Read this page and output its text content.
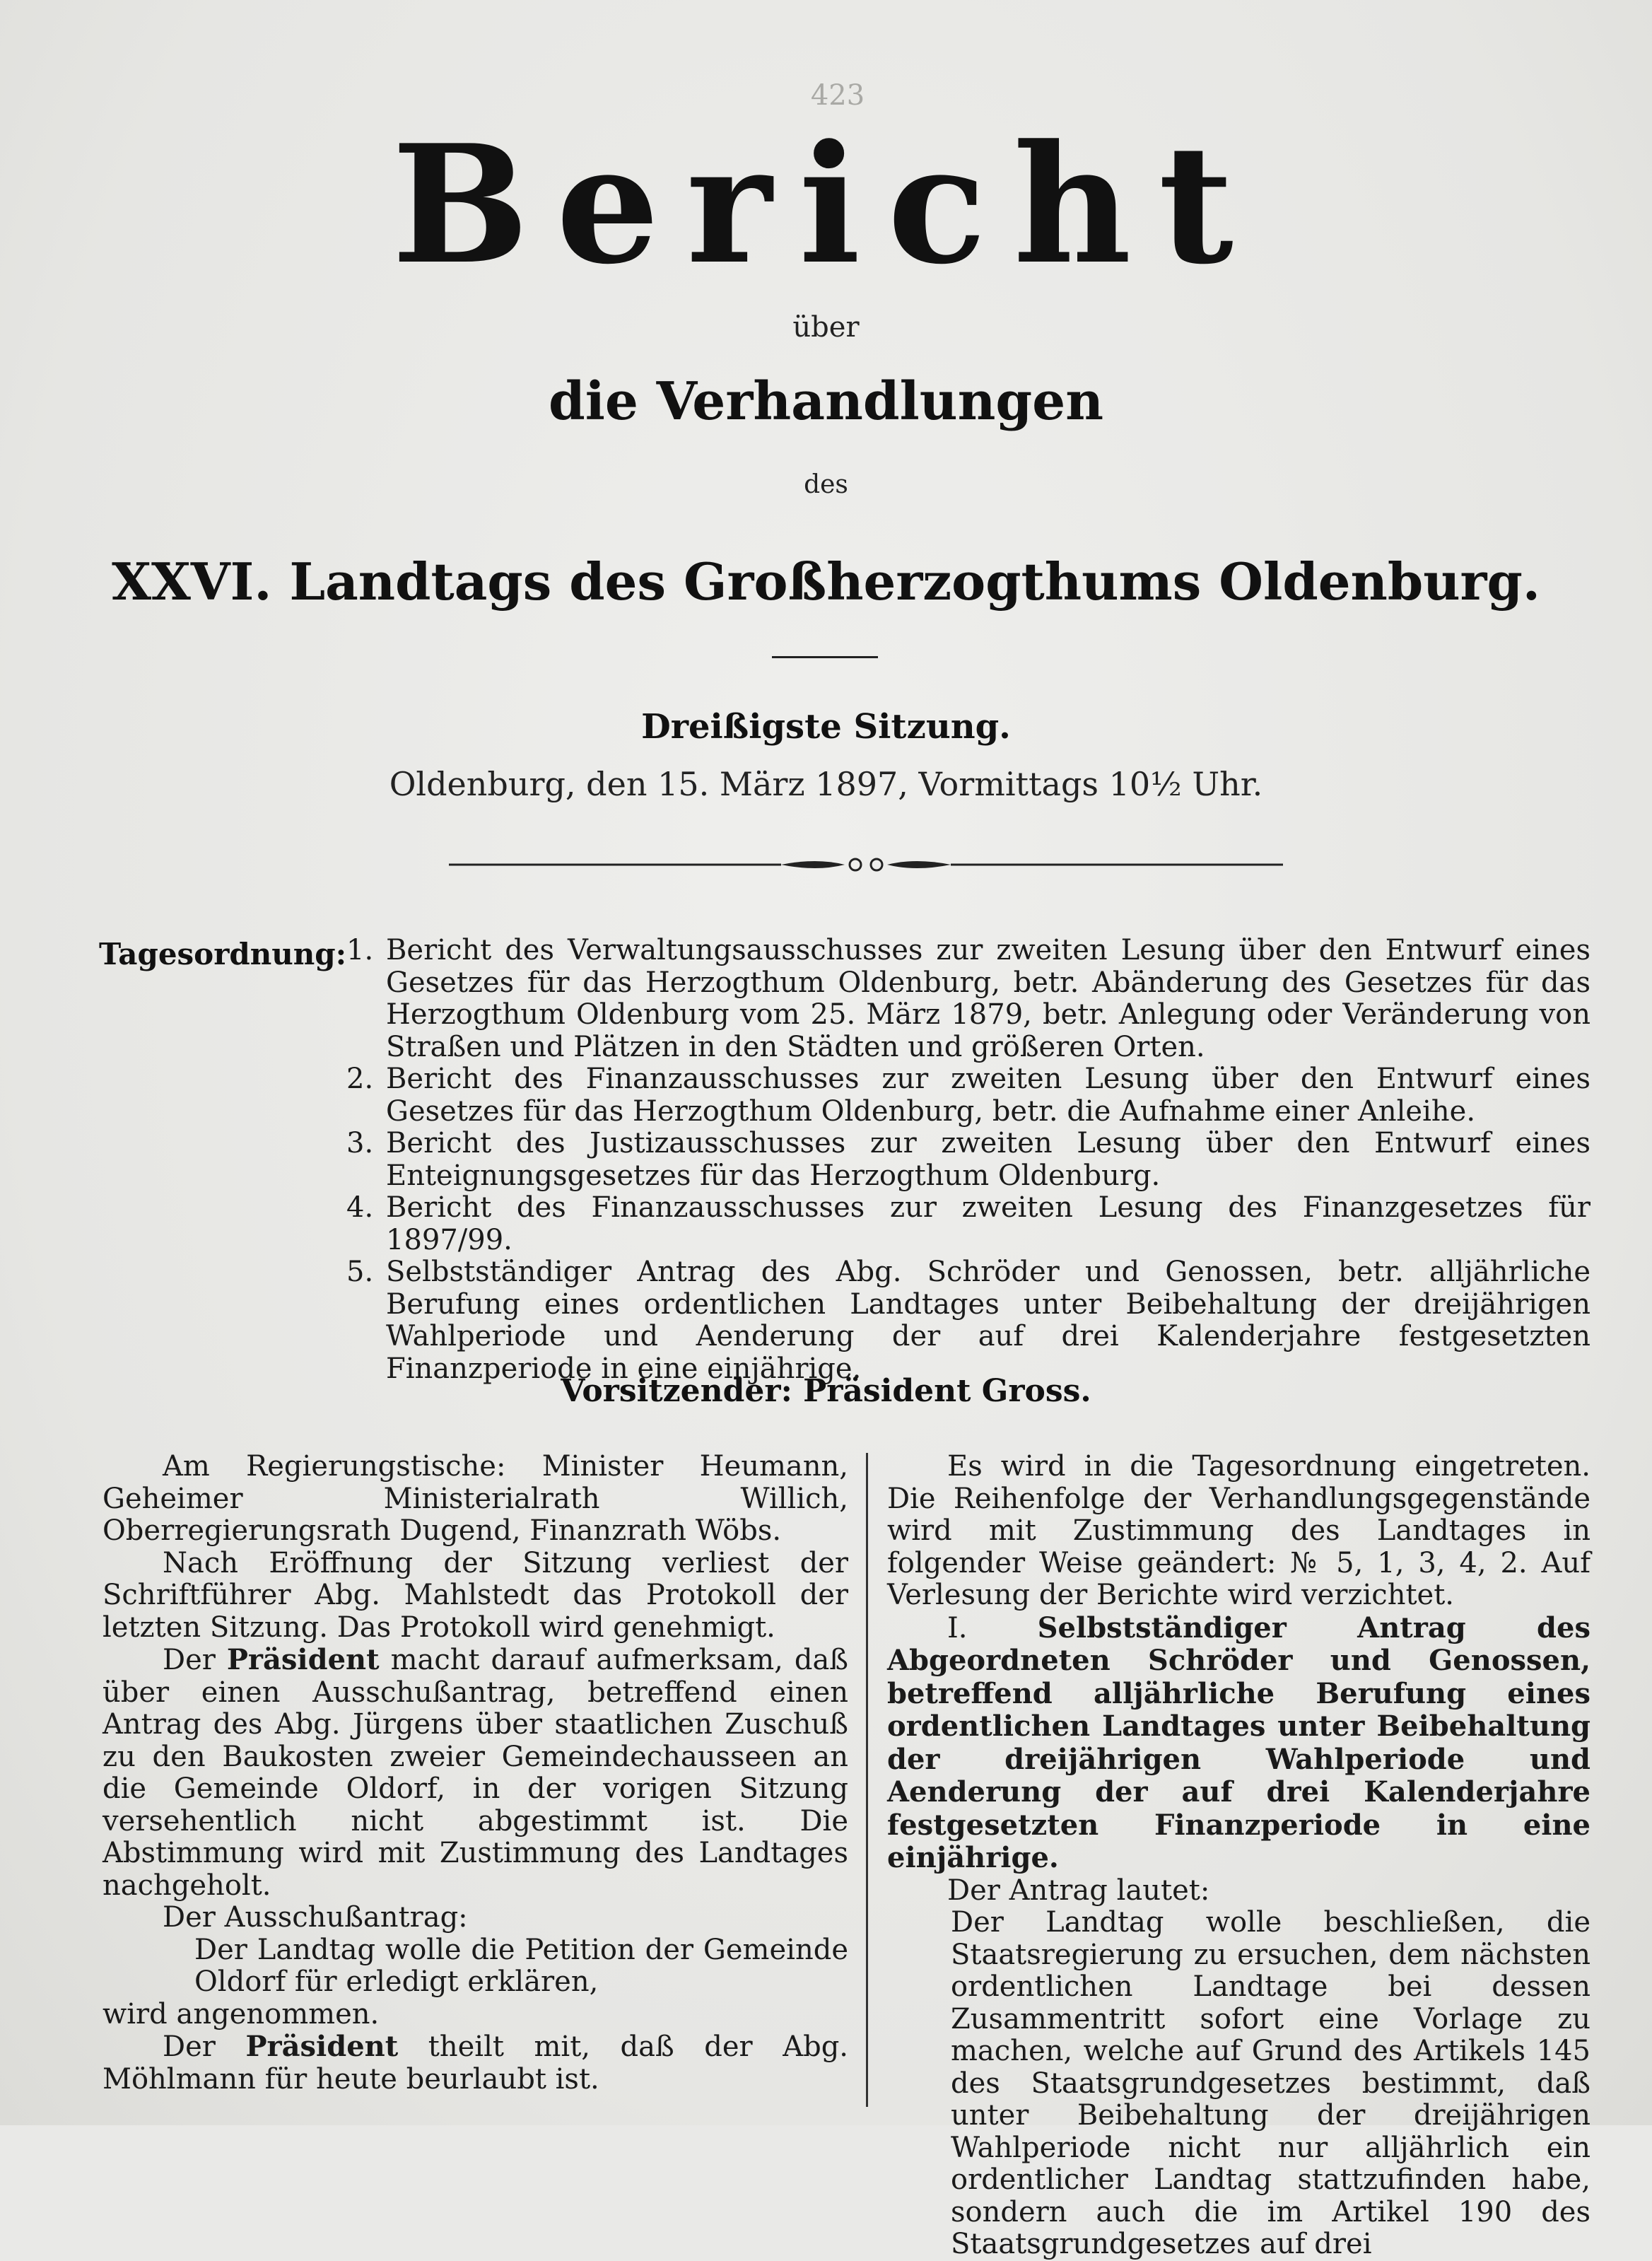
423
Bericht
über
die Verhandlungen
des
XXVI. Landtags des Großherzogthums Oldenburg.
Dreißigste Sitzung.
Oldenburg, den 15. März 1897, Vormittags 10½ Uhr.
Tagesordnung: 1. Bericht des Verwaltungsausschusses zur zweiten Lesung über den Entwurf eines Gesetzes für das Herzogthum Oldenburg, betr. Abänderung des Gesetzes für das Herzogthum Oldenburg vom 25. März 1879, betr. Anlegung oder Veränderung von Straßen und Plätzen in den Städten und größeren Orten.
2. Bericht des Finanzausschusses zur zweiten Lesung über den Entwurf eines Gesetzes für das Herzogthum Oldenburg, betr. die Aufnahme einer Anleihe.
3. Bericht des Justizausschusses zur zweiten Lesung über den Entwurf eines Enteignungsgesetzes für das Herzogthum Oldenburg.
4. Bericht des Finanzausschusses zur zweiten Lesung des Finanzgesetzes für 1897/99.
5. Selbstständiger Antrag des Abg. Schröder und Genossen, betr. alljährliche Berufung eines ordentlichen Landtages unter Beibehaltung der dreijährigen Wahlperiode und Aenderung der auf drei Kalenderjahre festgesetzten Finanzperiode in eine einjährige.
Vorsitzender: Präsident Gross.

Am Regierungstische: Minister Heumann, Geheimer Ministerialrath Willich, Oberregierungsrath Dugend, Finanzrath Wöbs.

Nach Eröffnung der Sitzung verliest der Schriftführer Abg. Mahlstedt das Protokoll der letzten Sitzung. Das Protokoll wird genehmigt.

Der Präsident macht darauf aufmerksam, daß über einen Ausschußantrag, betreffend einen Antrag des Abg. Jürgens über staatlichen Zuschuß zu den Baukosten zweier Gemeindechausseen an die Gemeinde Oldorf, in der vorigen Sitzung versehentlich nicht abgestimmt ist. Die Abstimmung wird mit Zustimmung des Landtages nachgeholt.

Der Ausschußantrag:

Der Landtag wolle die Petition der Gemeinde Oldorf für erledigt erklären,

wird angenommen.

Der Präsident theilt mit, daß der Abg. Möhlmann für heute beurlaubt ist.

Es wird in die Tagesordnung eingetreten. Die Reihenfolge der Verhandlungsgegenstände wird mit Zustimmung des Landtages in folgender Weise geändert: № 5, 1, 3, 4, 2. Auf Verlesung der Berichte wird verzichtet.

I. Selbstständiger Antrag des Abgeordneten Schröder und Genossen, betreffend alljährliche Berufung eines ordentlichen Landtages unter Beibehaltung der dreijährigen Wahlperiode und Aenderung der auf drei Kalenderjahre festgesetzten Finanzperiode in eine einjährige.

Der Antrag lautet:

Der Landtag wolle beschließen, die Staatsregierung zu ersuchen, dem nächsten ordentlichen Landtage bei dessen Zusammentritt sofort eine Vorlage zu machen, welche auf Grund des Artikels 145 des Staatsgrundgesetzes bestimmt, daß unter Beibehaltung der dreijährigen Wahlperiode nicht nur alljährlich ein ordentlicher Landtag stattzufinden habe, sondern auch die im Artikel 190 des Staatsgrundgesetzes auf drei
